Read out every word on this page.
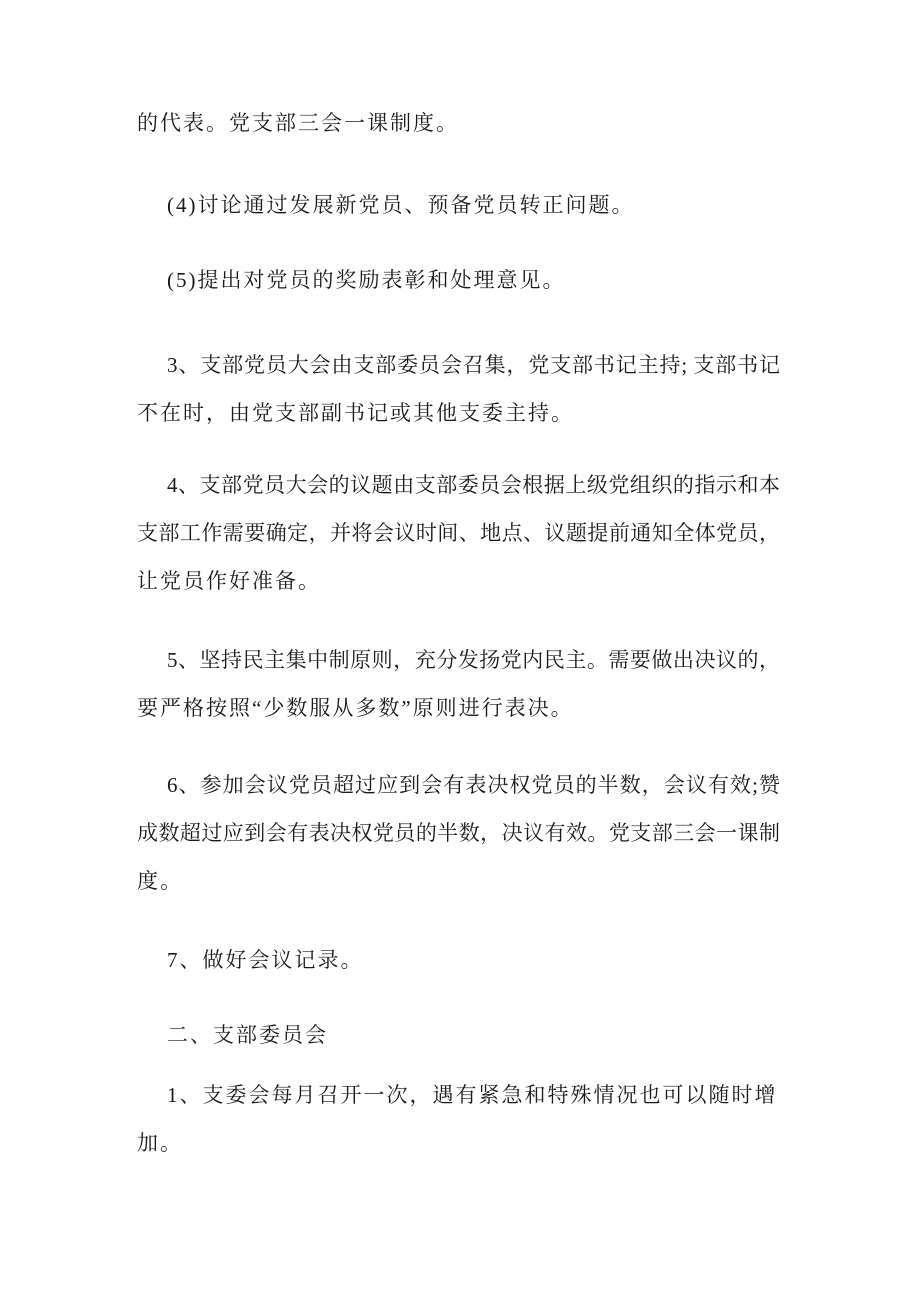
的代表。党支部三会一课制度。
(4)讨论通过发展新党员、预备党员转正问题。
(5)提出对党员的奖励表彰和处理意见。
3、支部党员大会由支部委员会召集，党支部书记主持; 支部书记
不在时，由党支部副书记或其他支委主持。
4、支部党员大会的议题由支部委员会根据上级党组织的指示和本
支部工作需要确定，并将会议时间、地点、议题提前通知全体党员，
让党员作好准备。
5、坚持民主集中制原则，充分发扬党内民主。需要做出决议的，
要严格按照“少数服从多数”原则进行表决。
6、参加会议党员超过应到会有表决权党员的半数，会议有效;赞
成数超过应到会有表决权党员的半数，决议有效。党支部三会一课制
度。
7、做好会议记录。
二、支部委员会
1、支委会每月召开一次，遇有紧急和特殊情况也可以随时增
加。
